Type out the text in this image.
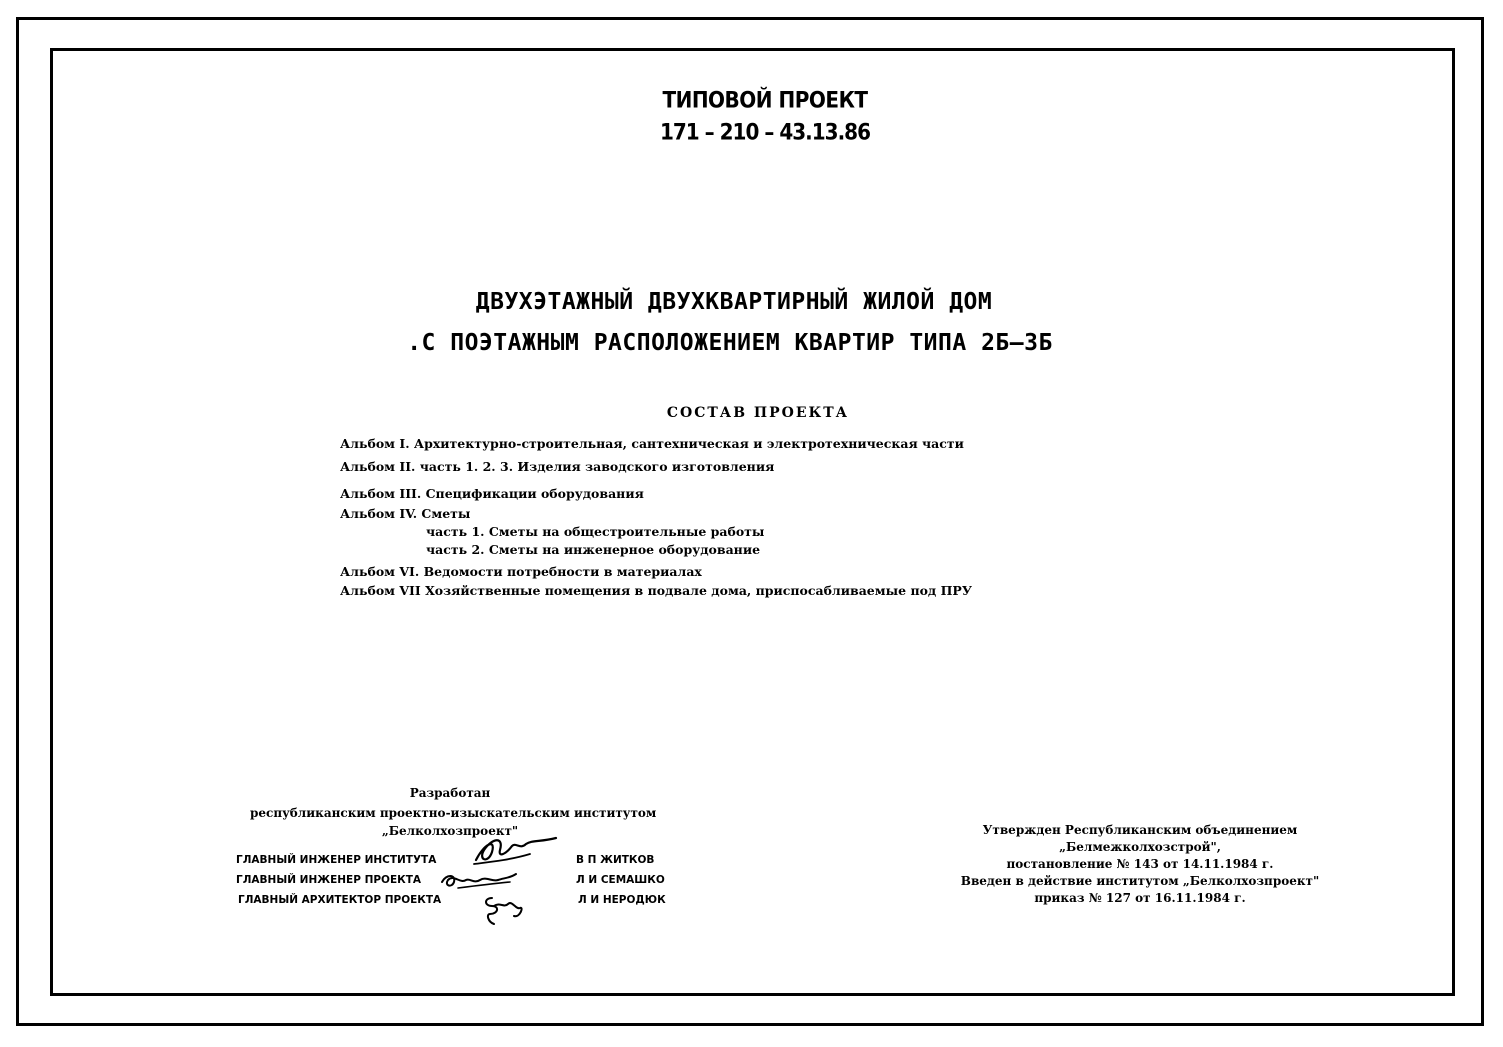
ТИПОВОЙ ПРОЕКТ
171 – 210 – 43.13.86
ДВУХЭТАЖНЫЙ ДВУХКВАРТИРНЫЙ ЖИЛОЙ ДОМ
.С ПОЭТАЖНЫМ РАСПОЛОЖЕНИЕМ КВАРТИР ТИПА 2Б—3Б
СОСТАВ ПРОЕКТА
Альбом I. Архитектурно-строительная, сантехническая и электротехническая части
Альбом II. часть 1. 2. 3. Изделия заводского изготовления
Альбом III. Спецификации оборудования
Альбом IV. Сметы
часть 1. Сметы на общестроительные работы
часть 2. Сметы на инженерное оборудование
Альбом VI. Ведомости потребности в материалах
Альбом VII Хозяйственные помещения в подвале дома, приспосабливаемые под ПРУ
Разработан
республиканским проектно-изыскательским институтом
„Белколхозпроект"
ГЛАВНЫЙ ИНЖЕНЕР ИНСТИТУТА	В П ЖИТКОВ
ГЛАВНЫЙ ИНЖЕНЕР ПРОЕКТА	Л И СЕМАШКО
ГЛАВНЫЙ АРХИТЕКТОР ПРОЕКТА	Л И НЕРОДЮК
Утвержден Республиканским объединением
„Белмежколхозстрой",
постановление № 143 от 14.11.1984 г.
Введен в действие институтом „Белколхозпроект"
приказ № 127 от 16.11.1984 г.
